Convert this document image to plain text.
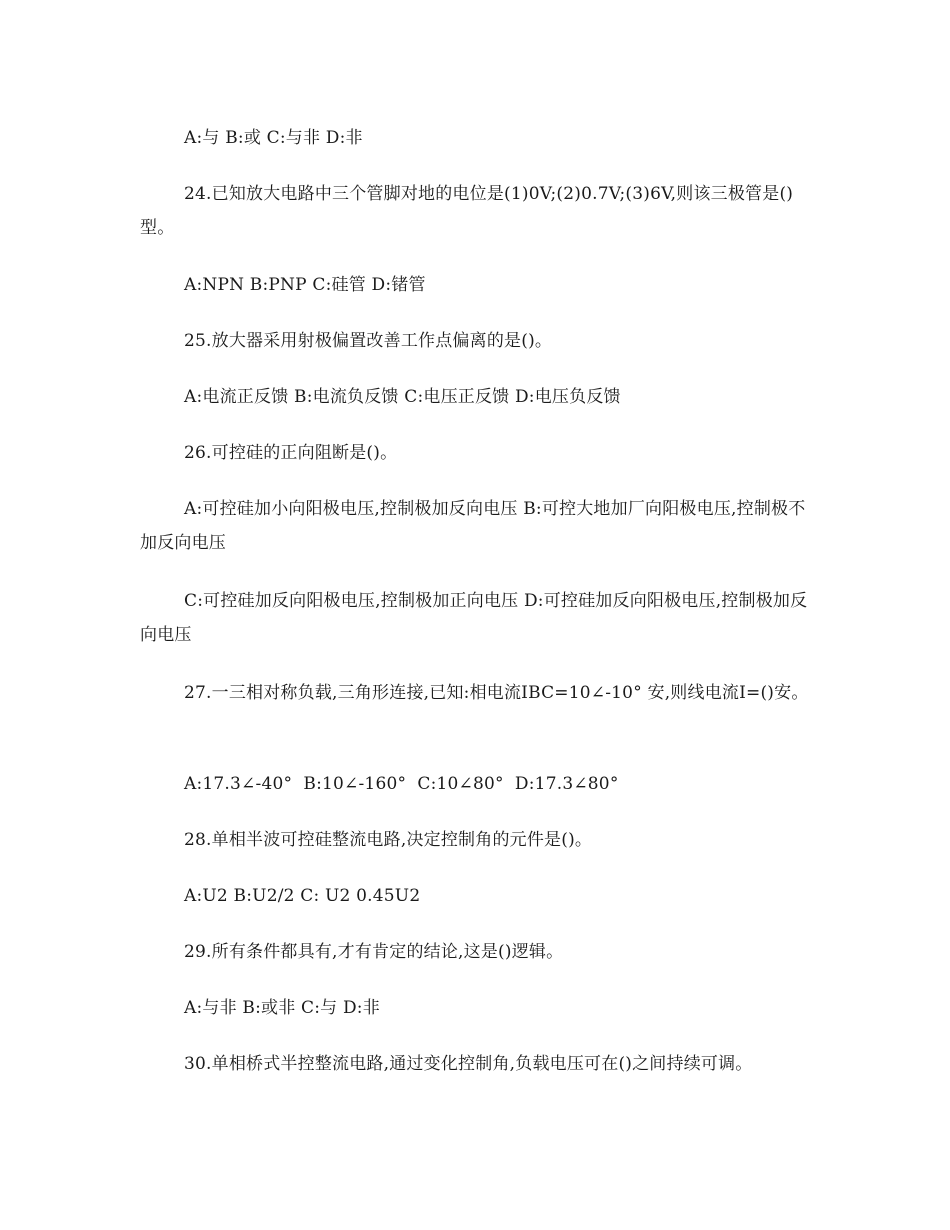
A:与 B:或 C:与非 D:非
24.已知放大电路中三个管脚对地的电位是(1)0V;(2)0.7V;(3)6V,则该三极管是()型。
A:NPN B:PNP C:硅管 D:锗管
25.放大器采用射极偏置改善工作点偏离的是()。
A:电流正反馈 B:电流负反馈 C:电压正反馈 D:电压负反馈
26.可控硅的正向阻断是()。
A:可控硅加小向阳极电压,控制极加反向电压 B:可控大地加厂向阳极电压,控制极不加反向电压
C:可控硅加反向阳极电压,控制极加正向电压 D:可控硅加反向阳极电压,控制极加反向电压
27.一三相对称负载,三角形连接,已知:相电流IBC=10∠-10° 安,则线电流I=()安。
A:17.3∠-40°  B:10∠-160°  C:10∠80°  D:17.3∠80°
28.单相半波可控硅整流电路,决定控制角的元件是()。
A:U2 B:U2/2 C: U2 0.45U2
29.所有条件都具有,才有肯定的结论,这是()逻辑。
A:与非 B:或非 C:与 D:非
30.单相桥式半控整流电路,通过变化控制角,负载电压可在()之间持续可调。
